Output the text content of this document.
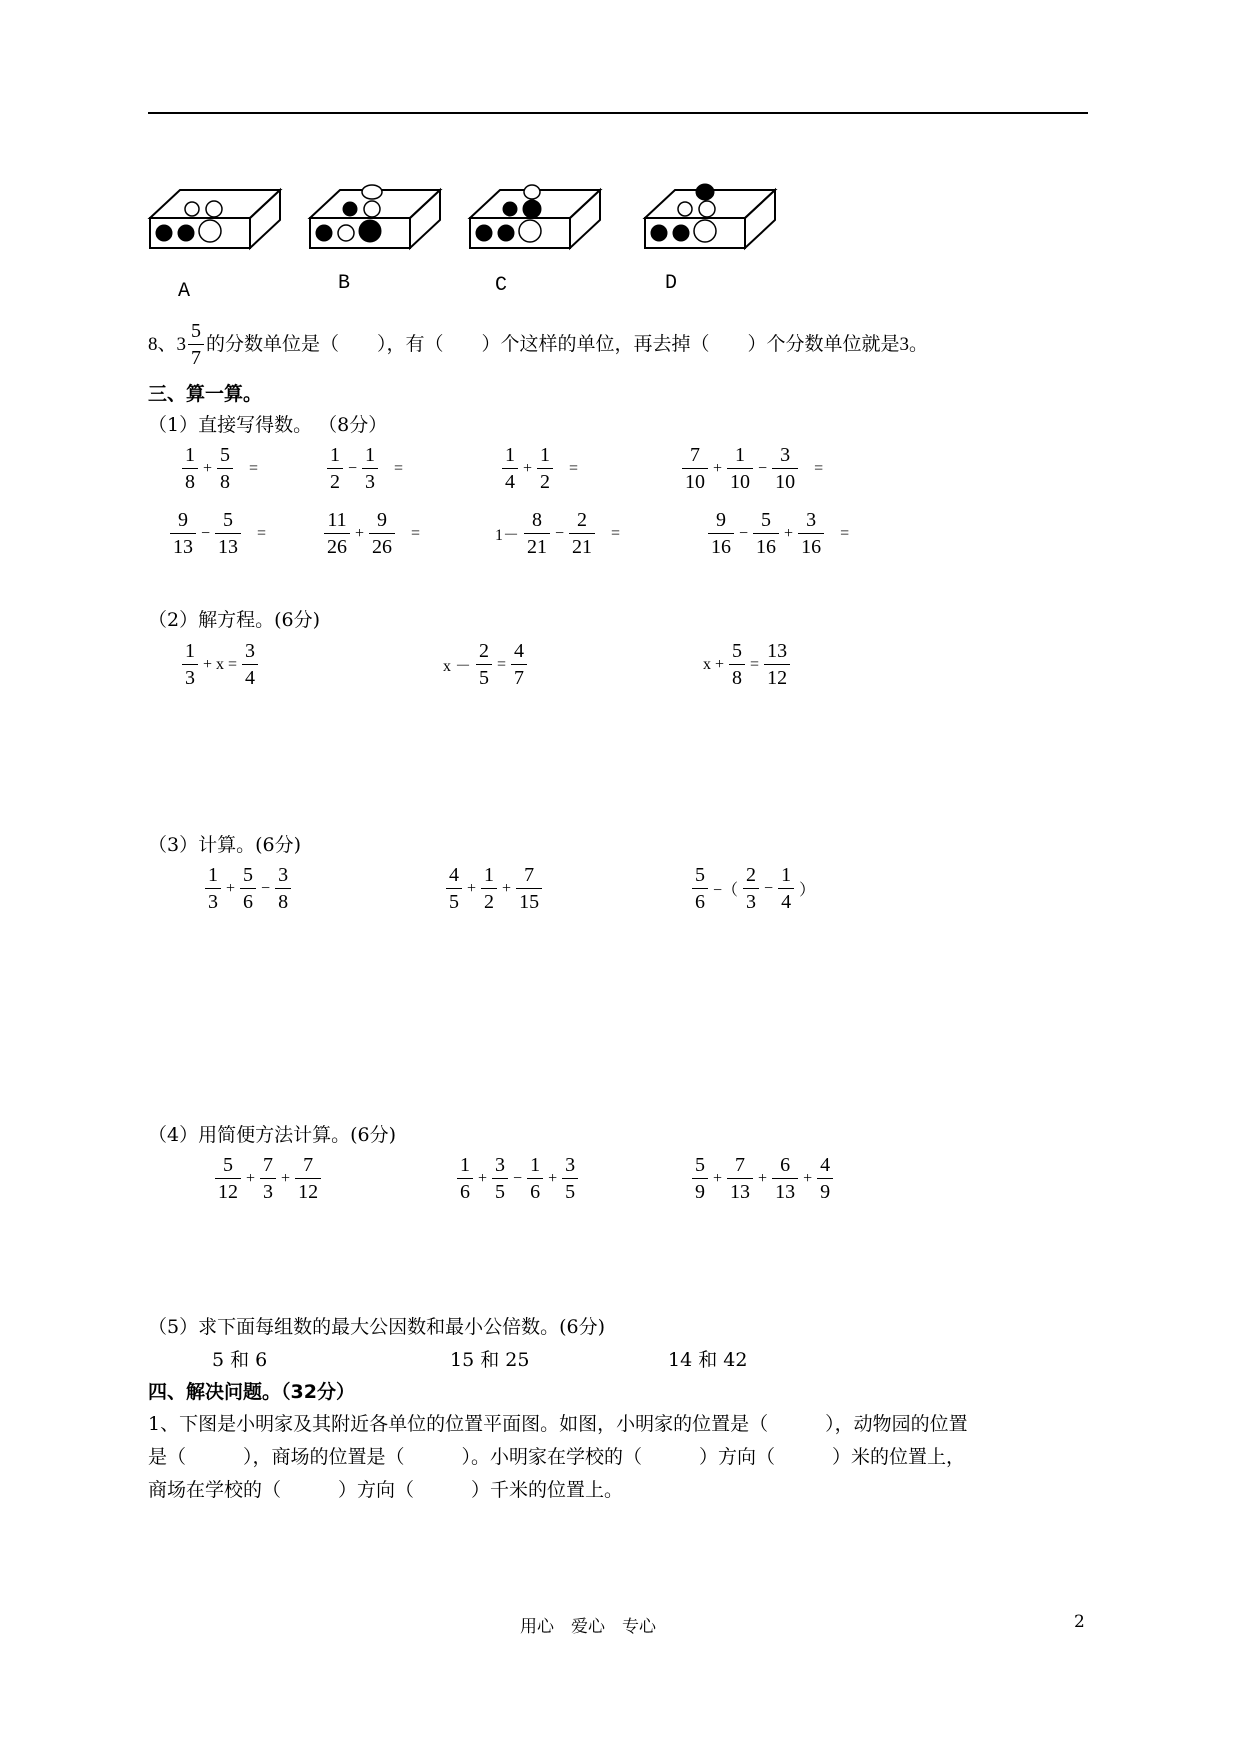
A	B	C	D
8、 $3 \frac{5}{7}$ 的分数单位是（　　），有（　　）个这样的单位，再去掉（　　）个分数单位就是3。
三、算一算。
（1）直接写得数。 （8分）
（2）解方程。(6分)
（3）计算。(6分)
（4）用简便方法计算。(6分)
（5）求下面每组数的最大公因数和最小公倍数。(6分)
5 和 6	15 和 25	14 和 42
四、解决问题。（32分）
1、下图是小明家及其附近各单位的位置平面图。如图，小明家的位置是（　　　），动物园的位置
是（　　　），商场的位置是（　　　）。小明家在学校的（　　　）方向（　　　）米的位置上，
商场在学校的（　　　）方向（　　　）千米的位置上。
用心　爱心　专心	2
$\frac{1}{8} + \frac{5}{8}$ =	$\frac{1}{2} - \frac{1}{3}$ =	$\frac{1}{4} + \frac{1}{2}$ =	$\frac{7}{10} + \frac{1}{10} - \frac{3}{10}$ =
$\frac{9}{13} - \frac{5}{13}$ =	$\frac{11}{26} + \frac{9}{26}$ =	$1- \frac{8}{21} - \frac{2}{21}$ =	$\frac{9}{16} - \frac{5}{16} + \frac{3}{16}$ =
$\frac{1}{3} + x = \frac{3}{4}$	$x - \frac{2}{5} = \frac{4}{7}$	$x + \frac{5}{8} = \frac{13}{12}$
$\frac{1}{3} + \frac{5}{6} - \frac{3}{8}$	$\frac{4}{5} + \frac{1}{2} + \frac{7}{15}$	$\frac{5}{6}$ −（ $\frac{2}{3} - \frac{1}{4}$ ）
$\frac{5}{12} + \frac{7}{3} + \frac{7}{12}$	$\frac{1}{6} + \frac{3}{5} - \frac{1}{6} + \frac{3}{5}$	$\frac{5}{9} + \frac{7}{13} + \frac{6}{13} + \frac{4}{9}$
